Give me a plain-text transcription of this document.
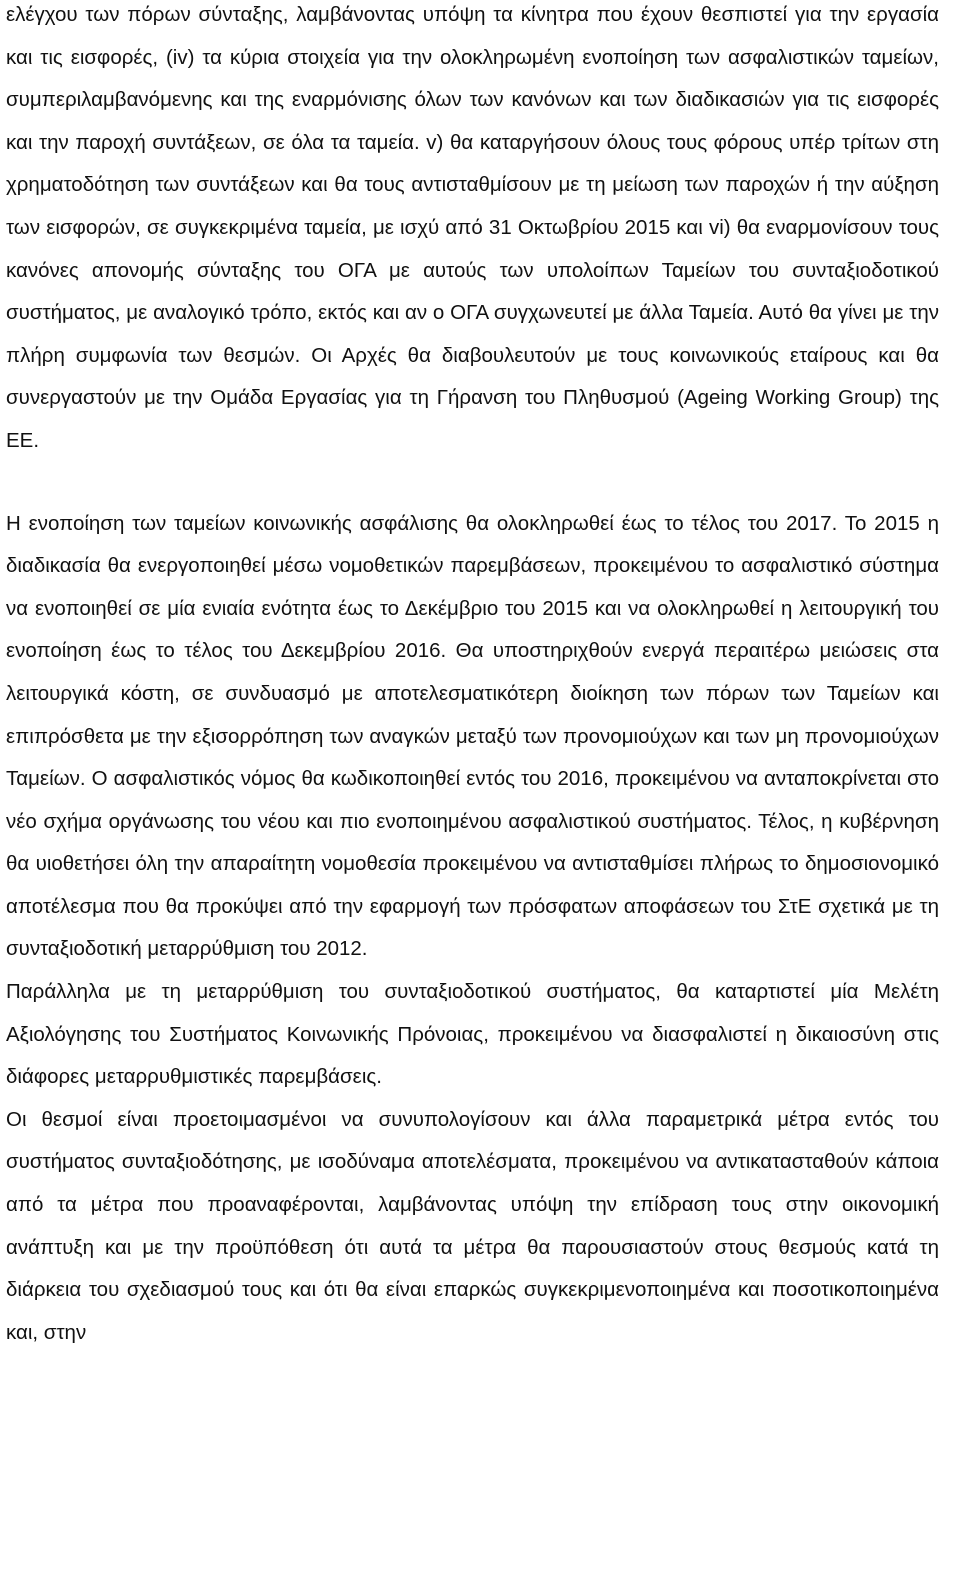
ελέγχου των πόρων σύνταξης, λαμβάνοντας υπόψη τα κίνητρα που έχουν θεσπιστεί για την εργασία και τις εισφορές, (iv) τα κύρια στοιχεία για την ολοκληρωμένη ενοποίηση των ασφαλιστικών ταμείων, συμπεριλαμβανόμενης και της εναρμόνισης όλων των κανόνων και των διαδικασιών για τις εισφορές και την παροχή συντάξεων, σε όλα τα ταμεία. v) θα καταργήσουν όλους τους φόρους υπέρ τρίτων στη χρηματοδότηση των συντάξεων και θα τους αντισταθμίσουν με τη μείωση των παροχών ή την αύξηση των εισφορών, σε συγκεκριμένα ταμεία, με ισχύ από 31 Οκτωβρίου 2015 και vi) θα εναρμονίσουν τους κανόνες απονομής σύνταξης του ΟΓΑ με αυτούς των υπολοίπων Ταμείων του συνταξιοδοτικού συστήματος, με αναλογικό τρόπο, εκτός και αν ο ΟΓΑ συγχωνευτεί με άλλα Ταμεία. Αυτό θα γίνει με την πλήρη συμφωνία των θεσμών. Οι Αρχές θα διαβουλευτούν με τους κοινωνικούς εταίρους και θα συνεργαστούν με την Ομάδα Εργασίας για τη Γήρανση του Πληθυσμού (Ageing Working Group) της ΕΕ.

Η ενοποίηση των ταμείων κοινωνικής ασφάλισης θα ολοκληρωθεί έως το τέλος του 2017. Το 2015 η διαδικασία θα ενεργοποιηθεί μέσω νομοθετικών παρεμβάσεων, προκειμένου το ασφαλιστικό σύστημα να ενοποιηθεί σε μία ενιαία ενότητα έως το Δεκέμβριο του 2015 και να ολοκληρωθεί η λειτουργική του ενοποίηση έως το τέλος του Δεκεμβρίου 2016. Θα υποστηριχθούν ενεργά περαιτέρω μειώσεις στα λειτουργικά κόστη, σε συνδυασμό με αποτελεσματικότερη διοίκηση των πόρων των Ταμείων και επιπρόσθετα με την εξισορρόπηση των αναγκών μεταξύ των προνομιούχων και των μη προνομιούχων Ταμείων. Ο ασφαλιστικός νόμος θα κωδικοποιηθεί εντός του 2016, προκειμένου να ανταποκρίνεται στο νέο σχήμα οργάνωσης του νέου και πιο ενοποιημένου ασφαλιστικού συστήματος. Τέλος, η κυβέρνηση θα υιοθετήσει όλη την απαραίτητη νομοθεσία προκειμένου να αντισταθμίσει πλήρως το δημοσιονομικό αποτέλεσμα που θα προκύψει από την εφαρμογή των πρόσφατων αποφάσεων του ΣτΕ σχετικά με τη συνταξιοδοτική μεταρρύθμιση του 2012.

Παράλληλα με τη μεταρρύθμιση του συνταξιοδοτικού συστήματος, θα καταρτιστεί μία Μελέτη Αξιολόγησης του Συστήματος Κοινωνικής Πρόνοιας, προκειμένου να διασφαλιστεί η δικαιοσύνη στις διάφορες μεταρρυθμιστικές παρεμβάσεις.

Οι θεσμοί είναι προετοιμασμένοι να συνυπολογίσουν και άλλα παραμετρικά μέτρα εντός του συστήματος συνταξιοδότησης, με ισοδύναμα αποτελέσματα, προκειμένου να αντικατασταθούν κάποια από τα μέτρα που προαναφέρονται, λαμβάνοντας υπόψη την επίδραση τους στην οικονομική ανάπτυξη και με την προϋπόθεση ότι αυτά τα μέτρα θα παρουσιαστούν στους θεσμούς κατά τη διάρκεια του σχεδιασμού τους και ότι θα είναι επαρκώς συγκεκριμενοποιημένα και ποσοτικοποιημένα και, στην
